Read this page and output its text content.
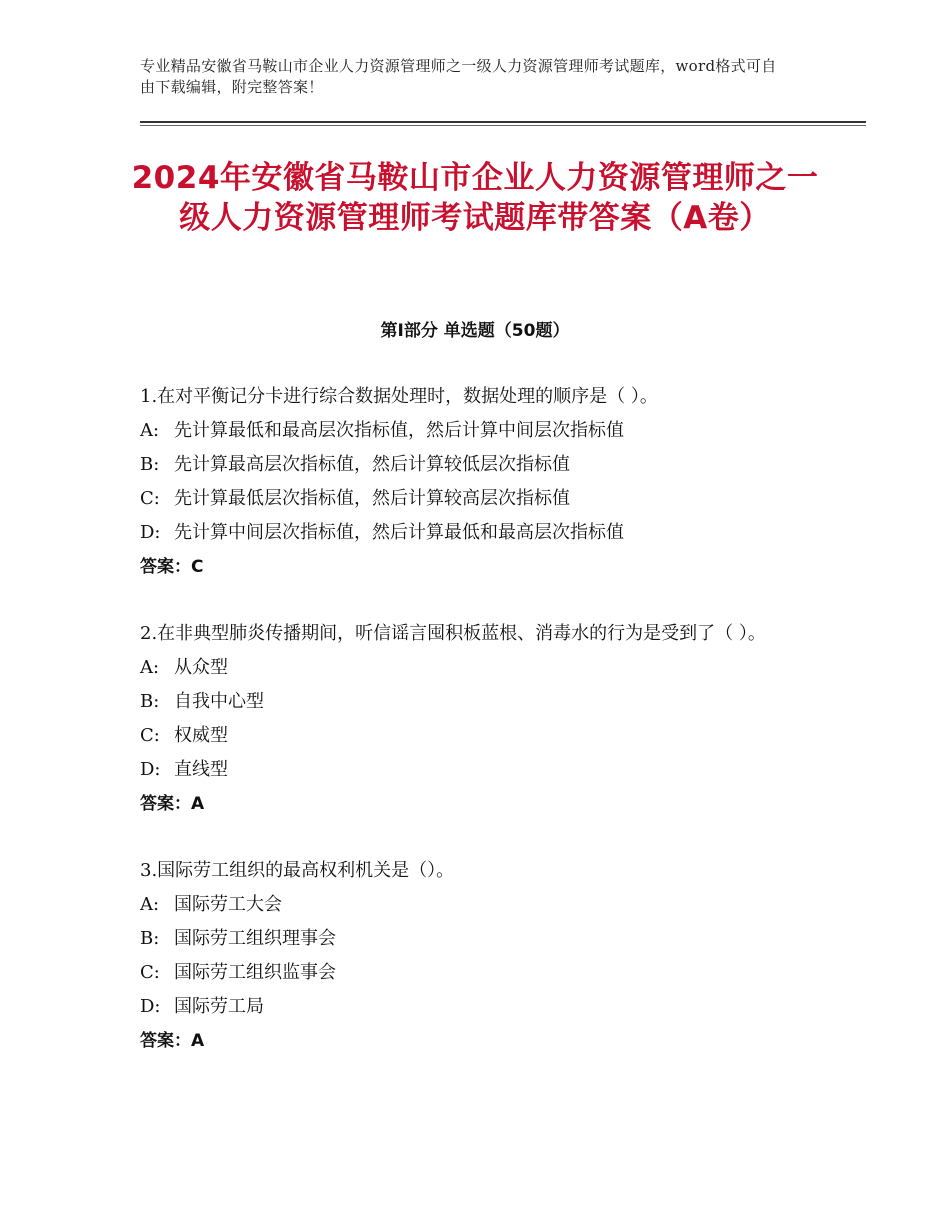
专业精品安徽省马鞍山市企业人力资源管理师之一级人力资源管理师考试题库，word格式可自由下载编辑，附完整答案！
2024年安徽省马鞍山市企业人力资源管理师之一级人力资源管理师考试题库带答案（A卷）
第Ⅰ部分 单选题（50题）

1.在对平衡记分卡进行综合数据处理时，数据处理的顺序是（ ）。

A: 先计算最低和最高层次指标值，然后计算中间层次指标值

B: 先计算最高层次指标值，然后计算较低层次指标值

C: 先计算最低层次指标值，然后计算较高层次指标值

D: 先计算中间层次指标值，然后计算最低和最高层次指标值

答案：C

2.在非典型肺炎传播期间，听信谣言囤积板蓝根、消毒水的行为是受到了（ ）。

A: 从众型

B: 自我中心型

C: 权威型

D: 直线型

答案：A

3.国际劳工组织的最高权利机关是（）。

A: 国际劳工大会

B: 国际劳工组织理事会

C: 国际劳工组织监事会

D: 国际劳工局

答案：A
